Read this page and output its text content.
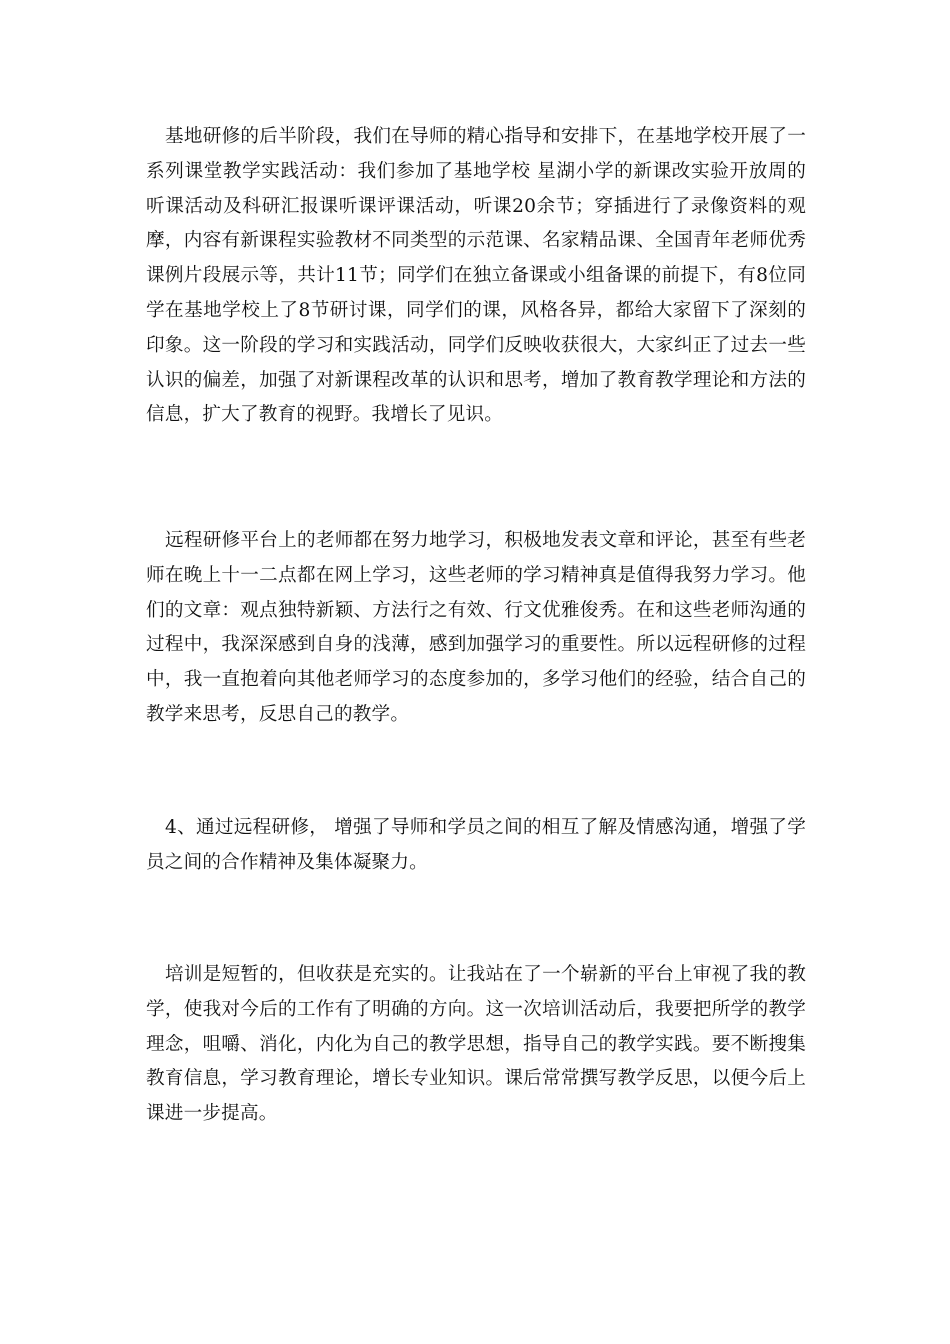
基地研修的后半阶段，我们在导师的精心指导和安排下，在基地学校开展了一系列课堂教学实践活动：我们参加了基地学校 星湖小学的新课改实验开放周的听课活动及科研汇报课听课评课活动，听课20余节；穿插进行了录像资料的观摩，内容有新课程实验教材不同类型的示范课、名家精品课、全国青年老师优秀课例片段展示等，共计11节；同学们在独立备课或小组备课的前提下，有8位同学在基地学校上了8节研讨课，同学们的课，风格各异，都给大家留下了深刻的印象。这一阶段的学习和实践活动，同学们反映收获很大，大家纠正了过去一些认识的偏差，加强了对新课程改革的认识和思考，增加了教育教学理论和方法的信息，扩大了教育的视野。我增长了见识。

远程研修平台上的老师都在努力地学习，积极地发表文章和评论，甚至有些老师在晚上十一二点都在网上学习，这些老师的学习精神真是值得我努力学习。他们的文章：观点独特新颖、方法行之有效、行文优雅俊秀。在和这些老师沟通的过程中，我深深感到自身的浅薄，感到加强学习的重要性。所以远程研修的过程中，我一直抱着向其他老师学习的态度参加的，多学习他们的经验，结合自己的教学来思考，反思自己的教学。

4、通过远程研修， 增强了导师和学员之间的相互了解及情感沟通，增强了学员之间的合作精神及集体凝聚力。

培训是短暂的，但收获是充实的。让我站在了一个崭新的平台上审视了我的教学，使我对今后的工作有了明确的方向。这一次培训活动后，我要把所学的教学理念，咀嚼、消化，内化为自己的教学思想，指导自己的教学实践。要不断搜集教育信息，学习教育理论，增长专业知识。课后常常撰写教学反思，以便今后上课进一步提高。
